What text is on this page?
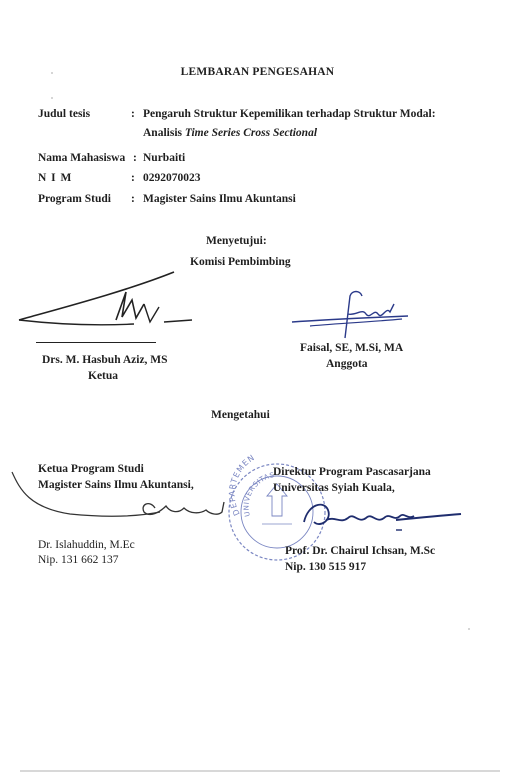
LEMBARAN PENGESAHAN
Judul tesis	: Pengaruh Struktur Kepemilikan terhadap Struktur Modal:
Analisis Time Series Cross Sectional
Nama Mahasiswa : Nurbaiti
N I M	: 0292070023
Program Studi : Magister Sains Ilmu Akuntansi
Menyetujui:
Komisi Pembimbing
Drs. M. Hasbuh Aziz, MS
Ketua
Faisal, SE, M.Si, MA
Anggota
Mengetahui
Ketua Program Studi
Magister Sains Ilmu Akuntansi,
Dr. Islahuddin, M.Ec
Nip. 131 662 137
DEPARTEMEN
UNIVERSITAS
Direktur Program Pascasarjana
Universitas Syiah Kuala,
Prof. Dr. Chairul Ichsan, M.Sc
Nip. 130 515 917
